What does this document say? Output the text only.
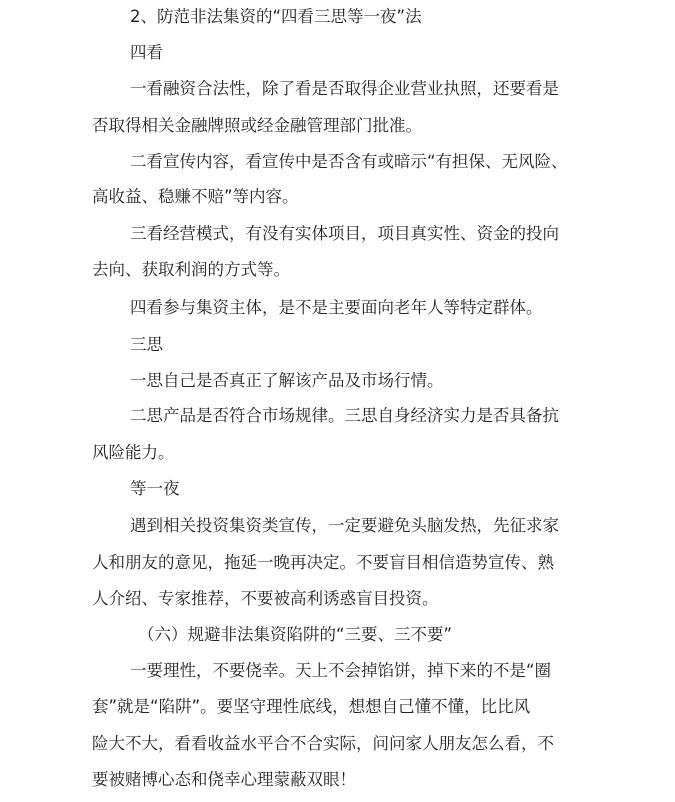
2、防范非法集资的“四看三思等一夜”法
四看
一看融资合法性，除了看是否取得企业营业执照，还要看是
否取得相关金融牌照或经金融管理部门批准。
二看宣传内容，看宣传中是否含有或暗示“有担保、无风险、
高收益、稳赚不赔”等内容。
三看经营模式，有没有实体项目，项目真实性、资金的投向
去向、获取利润的方式等。
四看参与集资主体，是不是主要面向老年人等特定群体。
三思
一思自己是否真正了解该产品及市场行情。
二思产品是否符合市场规律。三思自身经济实力是否具备抗
风险能力。
等一夜
遇到相关投资集资类宣传，一定要避免头脑发热，先征求家
人和朋友的意见，拖延一晚再决定。不要盲目相信造势宣传、熟
人介绍、专家推荐，不要被高利诱惑盲目投资。
（六）规避非法集资陷阱的“三要、三不要”
一要理性，不要侥幸。天上不会掉馅饼，掉下来的不是“圈
套”就是“陷阱”。要坚守理性底线，想想自己懂不懂，比比风
险大不大，看看收益水平合不合实际，问问家人朋友怎么看，不
要被赌博心态和侥幸心理蒙蔽双眼！
